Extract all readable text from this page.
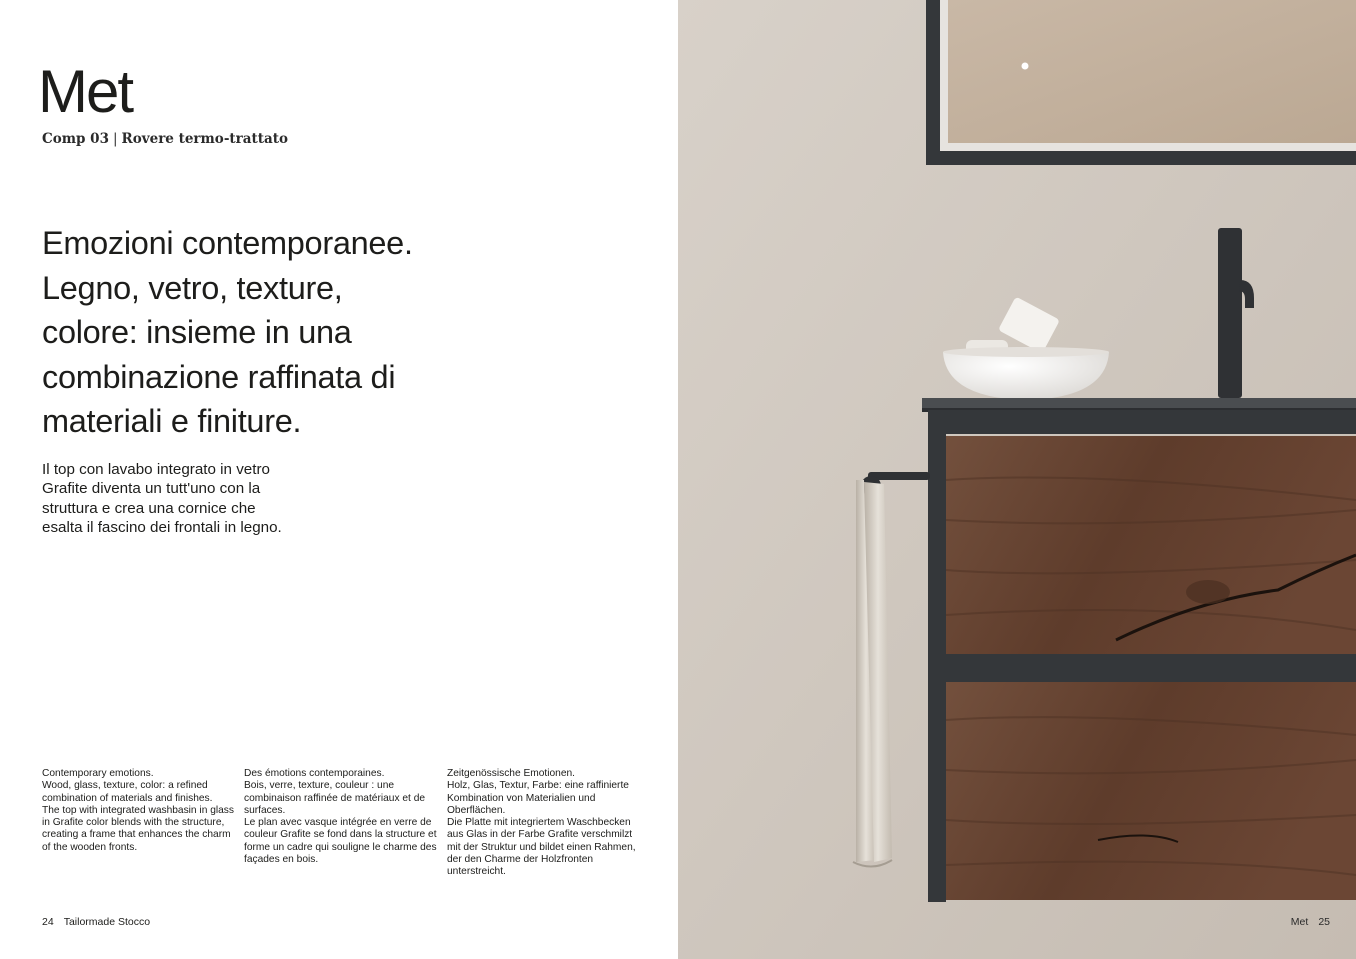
Met
Comp 03 | Rovere termo-trattato
Emozioni contemporanee.
Legno, vetro, texture,
colore: insieme in una
combinazione raffinata di
materiali e finiture.
Il top con lavabo integrato in vetro
Grafite diventa un tutt'uno con la
struttura e crea una cornice che
esalta il fascino dei frontali in legno.
Contemporary emotions.
Wood, glass, texture, color: a refined
combination of materials and finishes.
The top with integrated washbasin in glass
in Grafite color blends with the structure,
creating a frame that enhances the charm
of the wooden fronts.
Des émotions contemporaines.
Bois, verre, texture, couleur : une
combinaison raffinée de matériaux et de
surfaces.
Le plan avec vasque intégrée en verre de
couleur Grafite se fond dans la structure et
forme un cadre qui souligne le charme des
façades en bois.
Zeitgenössische Emotionen.
Holz, Glas, Textur, Farbe: eine raffinierte
Kombination von Materialien und
Oberflächen.
Die Platte mit integriertem Waschbecken
aus Glas in der Farbe Grafite verschmilzt
mit der Struktur und bildet einen Rahmen,
der den Charme der Holzfronten
unterstreicht.
24 Tailormade Stocco	Met 25
